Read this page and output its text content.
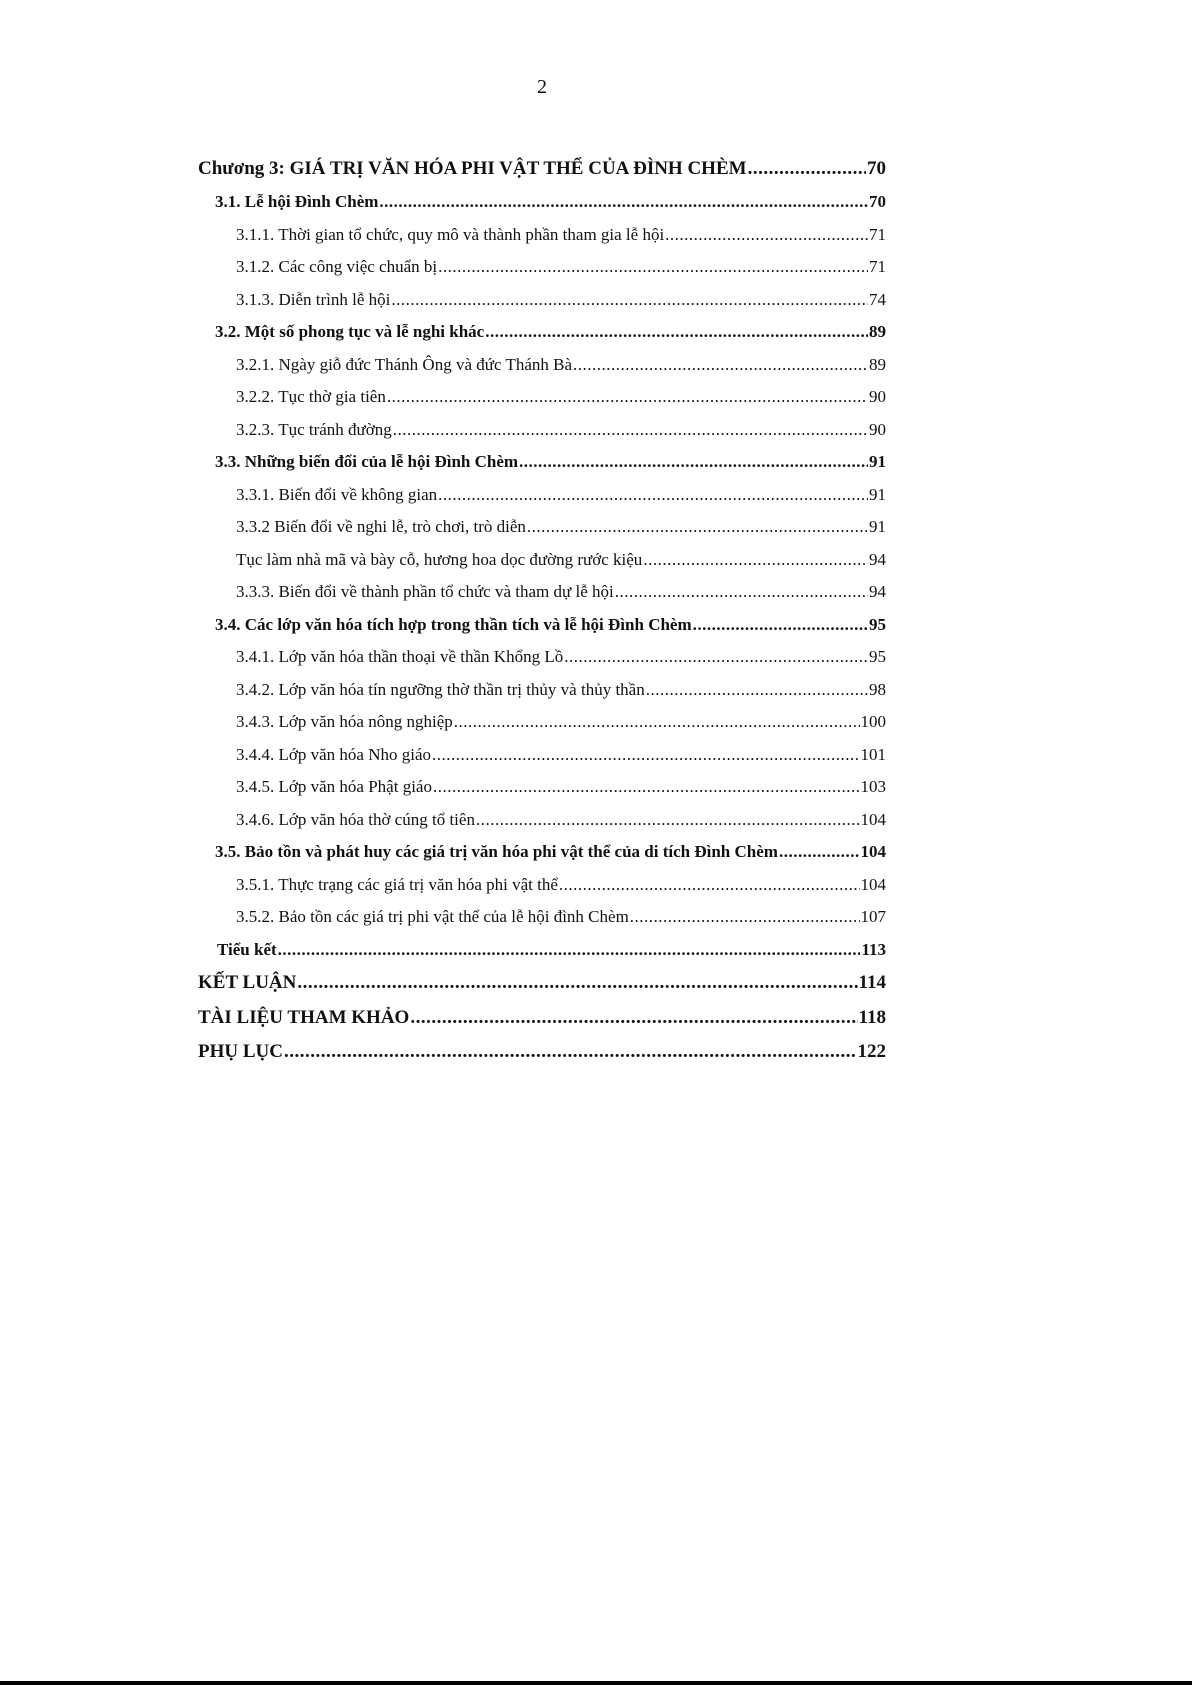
2
Chương 3: GIÁ TRỊ VĂN HÓA PHI VẬT THỂ CỦA ĐÌNH CHÈM .....	70
3.1. Lễ hội Đình Chèm .....	70
3.1.1. Thời gian tổ chức, quy mô và thành phần tham gia lễ hội .....	71
3.1.2. Các công việc chuẩn bị .....	71
3.1.3. Diễn trình lễ hội .....	74
3.2. Một số phong tục và lễ nghi khác .....	89
3.2.1. Ngày giỗ đức Thánh Ông và đức Thánh Bà .....	89
3.2.2. Tục thờ gia tiên .....	90
3.2.3. Tục tránh đường .....	90
3.3. Những biến đổi của lễ hội Đình Chèm .....	91
3.3.1. Biến đổi về không gian .....	91
3.3.2 Biến đổi về nghi lễ, trò chơi, trò diễn .....	91
Tục làm nhà mã và bày cỗ, hương hoa dọc đường rước kiệu .....	94
3.3.3. Biến đổi về thành phần tổ chức và tham dự lễ hội .....	94
3.4. Các lớp văn hóa tích hợp trong thần tích và lễ hội Đình Chèm .....	95
3.4.1. Lớp văn hóa thần thoại về thần Khổng Lồ .....	95
3.4.2. Lớp văn hóa tín ngưỡng thờ thần trị thủy và thủy thần .....	98
3.4.3. Lớp văn hóa nông nghiệp .....	100
3.4.4. Lớp văn hóa Nho giáo .....	101
3.4.5. Lớp văn hóa Phật giáo .....	103
3.4.6. Lớp văn hóa thờ cúng tổ tiên .....	104
3.5. Bảo tồn và phát huy các giá trị văn hóa phi vật thể của di tích Đình Chèm .....	104
3.5.1. Thực trạng các giá trị văn hóa phi vật thể .....	104
3.5.2. Bảo tồn các giá trị phi vật thể của lễ hội đình Chèm .....	107
Tiểu kết .....	113
KẾT LUẬN .....	114
TÀI LIỆU THAM KHẢO .....	118
PHỤ LỤC .....	122
